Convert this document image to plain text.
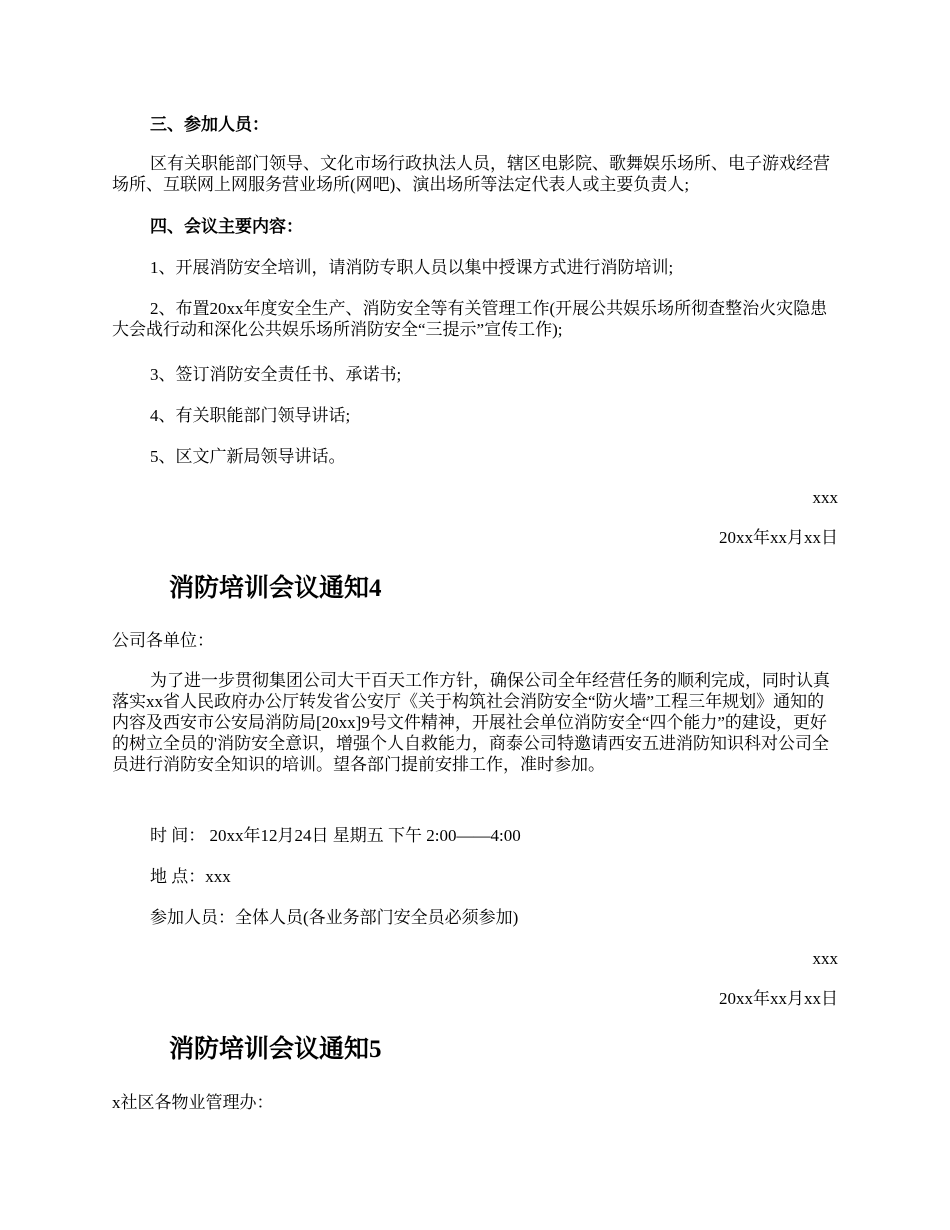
三、参加人员：

区有关职能部门领导、文化市场行政执法人员，辖区电影院、歌舞娱乐场所、电子游戏经营场所、互联网上网服务营业场所(网吧)、演出场所等法定代表人或主要负责人;

四、会议主要内容：

1、开展消防安全培训，请消防专职人员以集中授课方式进行消防培训;

2、布置20xx年度安全生产、消防安全等有关管理工作(开展公共娱乐场所彻查整治火灾隐患大会战行动和深化公共娱乐场所消防安全“三提示”宣传工作);

3、签订消防安全责任书、承诺书;

4、有关职能部门领导讲话;

5、区文广新局领导讲话。

xxx

20xx年xx月xx日

消防培训会议通知4

公司各单位：

为了进一步贯彻集团公司大干百天工作方针，确保公司全年经营任务的顺利完成，同时认真落实xx省人民政府办公厅转发省公安厅《关于构筑社会消防安全“防火墙”工程三年规划》通知的内容及西安市公安局消防局[20xx]9号文件精神，开展社会单位消防安全“四个能力”的建设，更好的树立全员的'消防安全意识，增强个人自救能力，商泰公司特邀请西安五进消防知识科对公司全员进行消防安全知识的培训。望各部门提前安排工作，准时参加。

时 间： 20xx年12月24日 星期五 下午 2:00——4:00

地 点：xxx

参加人员：全体人员(各业务部门安全员必须参加)

xxx

20xx年xx月xx日

消防培训会议通知5

x社区各物业管理办：
